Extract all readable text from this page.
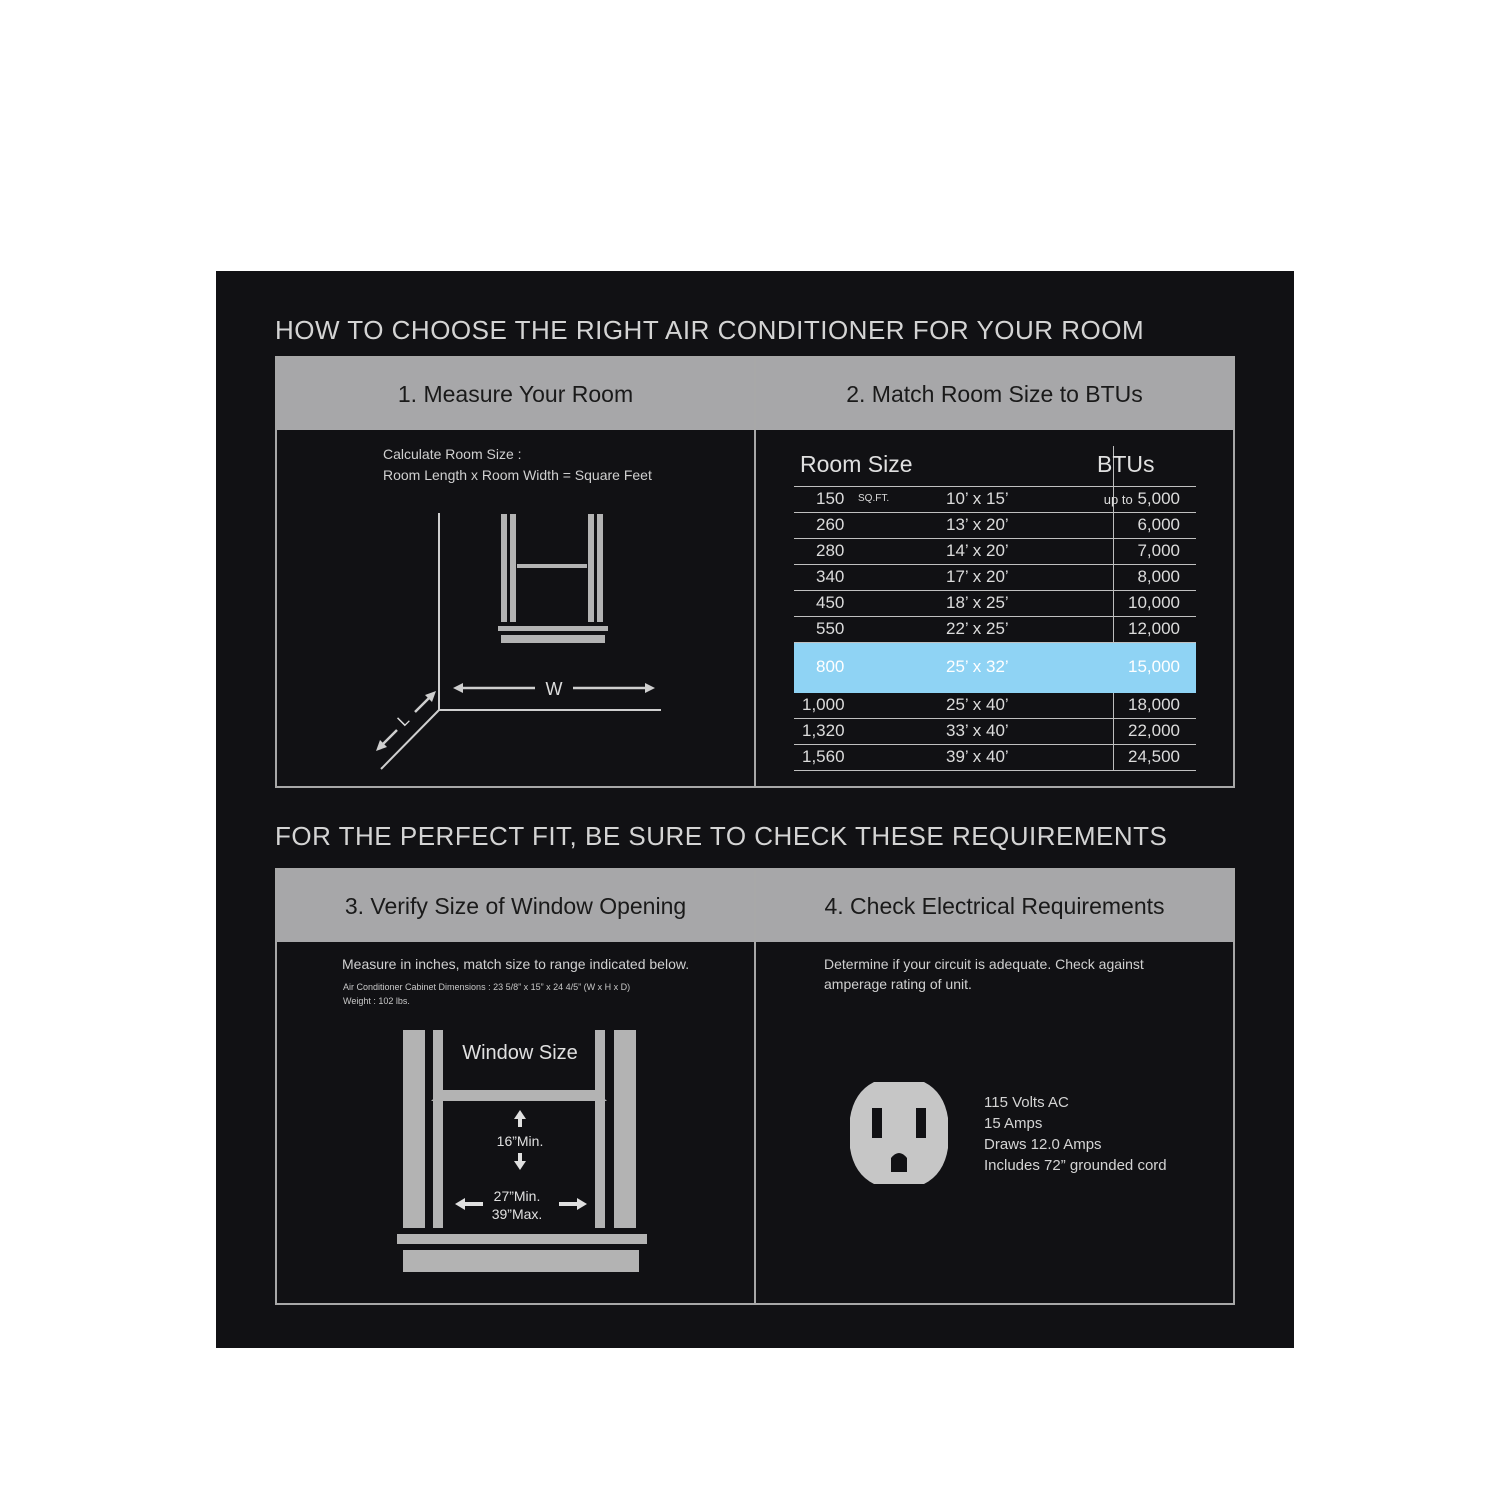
HOW TO CHOOSE THE RIGHT AIR CONDITIONER FOR YOUR ROOM
1. Measure Your Room
Calculate Room Size :
Room Length x Room Width = Square Feet
W
L
2. Match Room Size to BTUs
Room Size	BTUs
150 SQ.FT.	10’ x 15’	up to 5,000
260	13’ x 20’	6,000
280	14’ x 20’	7,000
340	17’ x 20’	8,000
450	18’ x 25’	10,000
550	22’ x 25’	12,000
800	25’ x 32’	15,000
1,000	25’ x 40’	18,000
1,320	33’ x 40’	22,000
1,560	39’ x 40’	24,500
FOR THE PERFECT FIT, BE SURE TO CHECK THESE REQUIREMENTS
3. Verify Size of Window Opening
Measure in inches, match size to range indicated below.
Air Conditioner Cabinet Dimensions : 23 5/8” x 15” x 24 4/5” (W x H x D)
Weight : 102 lbs.
Window Size
16”Min.
27”Min.
39”Max.
4. Check Electrical Requirements
Determine if your circuit is adequate. Check against
amperage rating of unit.
115 Volts AC
15 Amps
Draws 12.0 Amps
Includes 72” grounded cord
